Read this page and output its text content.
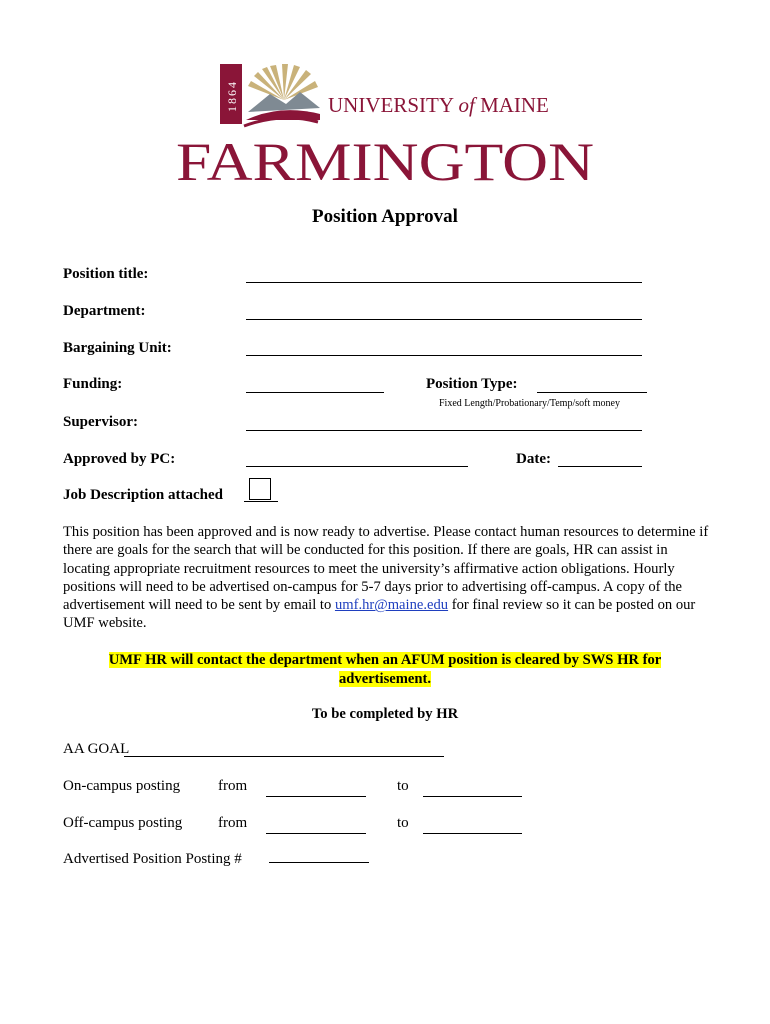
1864	UNIVERSITY of MAINE
FARMINGTON
Position Approval
Position title:
Department:
Bargaining Unit:
Funding:	Position Type:
Fixed Length/Probationary/Temp/soft money
Supervisor:
Approved by PC:	Date:
Job Description attached
This position has been approved and is now ready to advertise. Please contact human resources to determine if there are goals for the search that will be conducted for this position. If there are goals, HR can assist in locating appropriate recruitment resources to meet the university’s affirmative action obligations. Hourly positions will need to be advertised on-campus for 5-7 days prior to advertising off-campus. A copy of the advertisement will need to be sent by email to umf.hr@maine.edu for final review so it can be posted on our UMF website.
UMF HR will contact the department when an AFUM position is cleared by SWS HR for
advertisement.
To be completed by HR
AA GOAL
On-campus posting	from	to
Off-campus posting from	to
Advertised Position Posting #
